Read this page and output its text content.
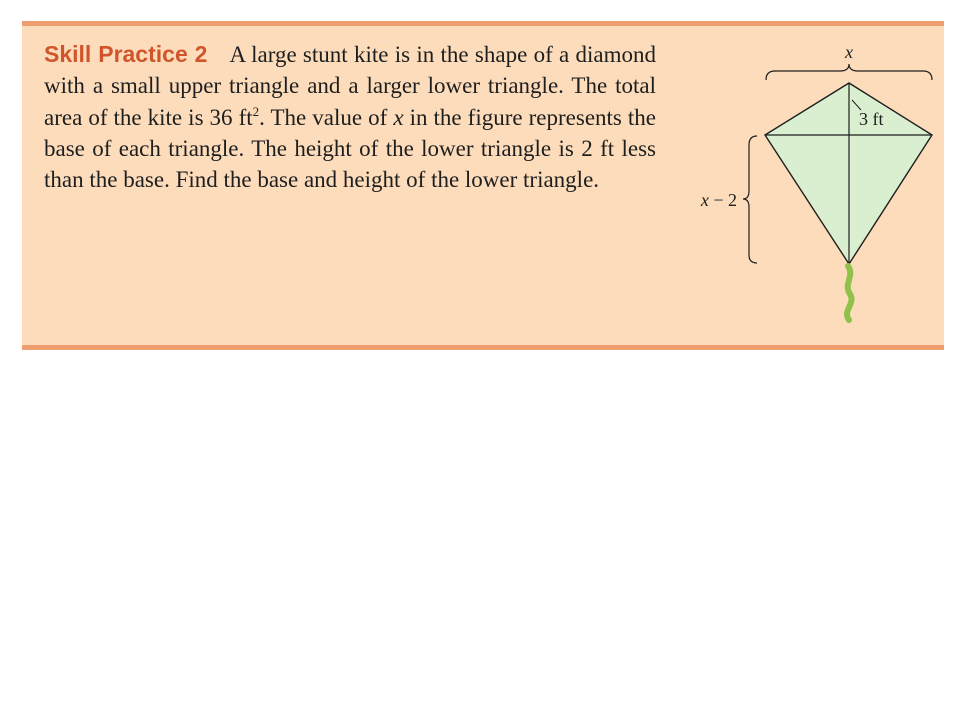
Skill Practice 2 A large stunt kite is in the shape of a diamond with a small upper triangle and a larger lower triangle. The total area of the kite is 36 $ft^2$. The value of x in the figure represents the base of each triangle. The height of the lower triangle is 2 ft less than the base. Find the base and height of the lower triangle.

x
3 ft
x − 2
